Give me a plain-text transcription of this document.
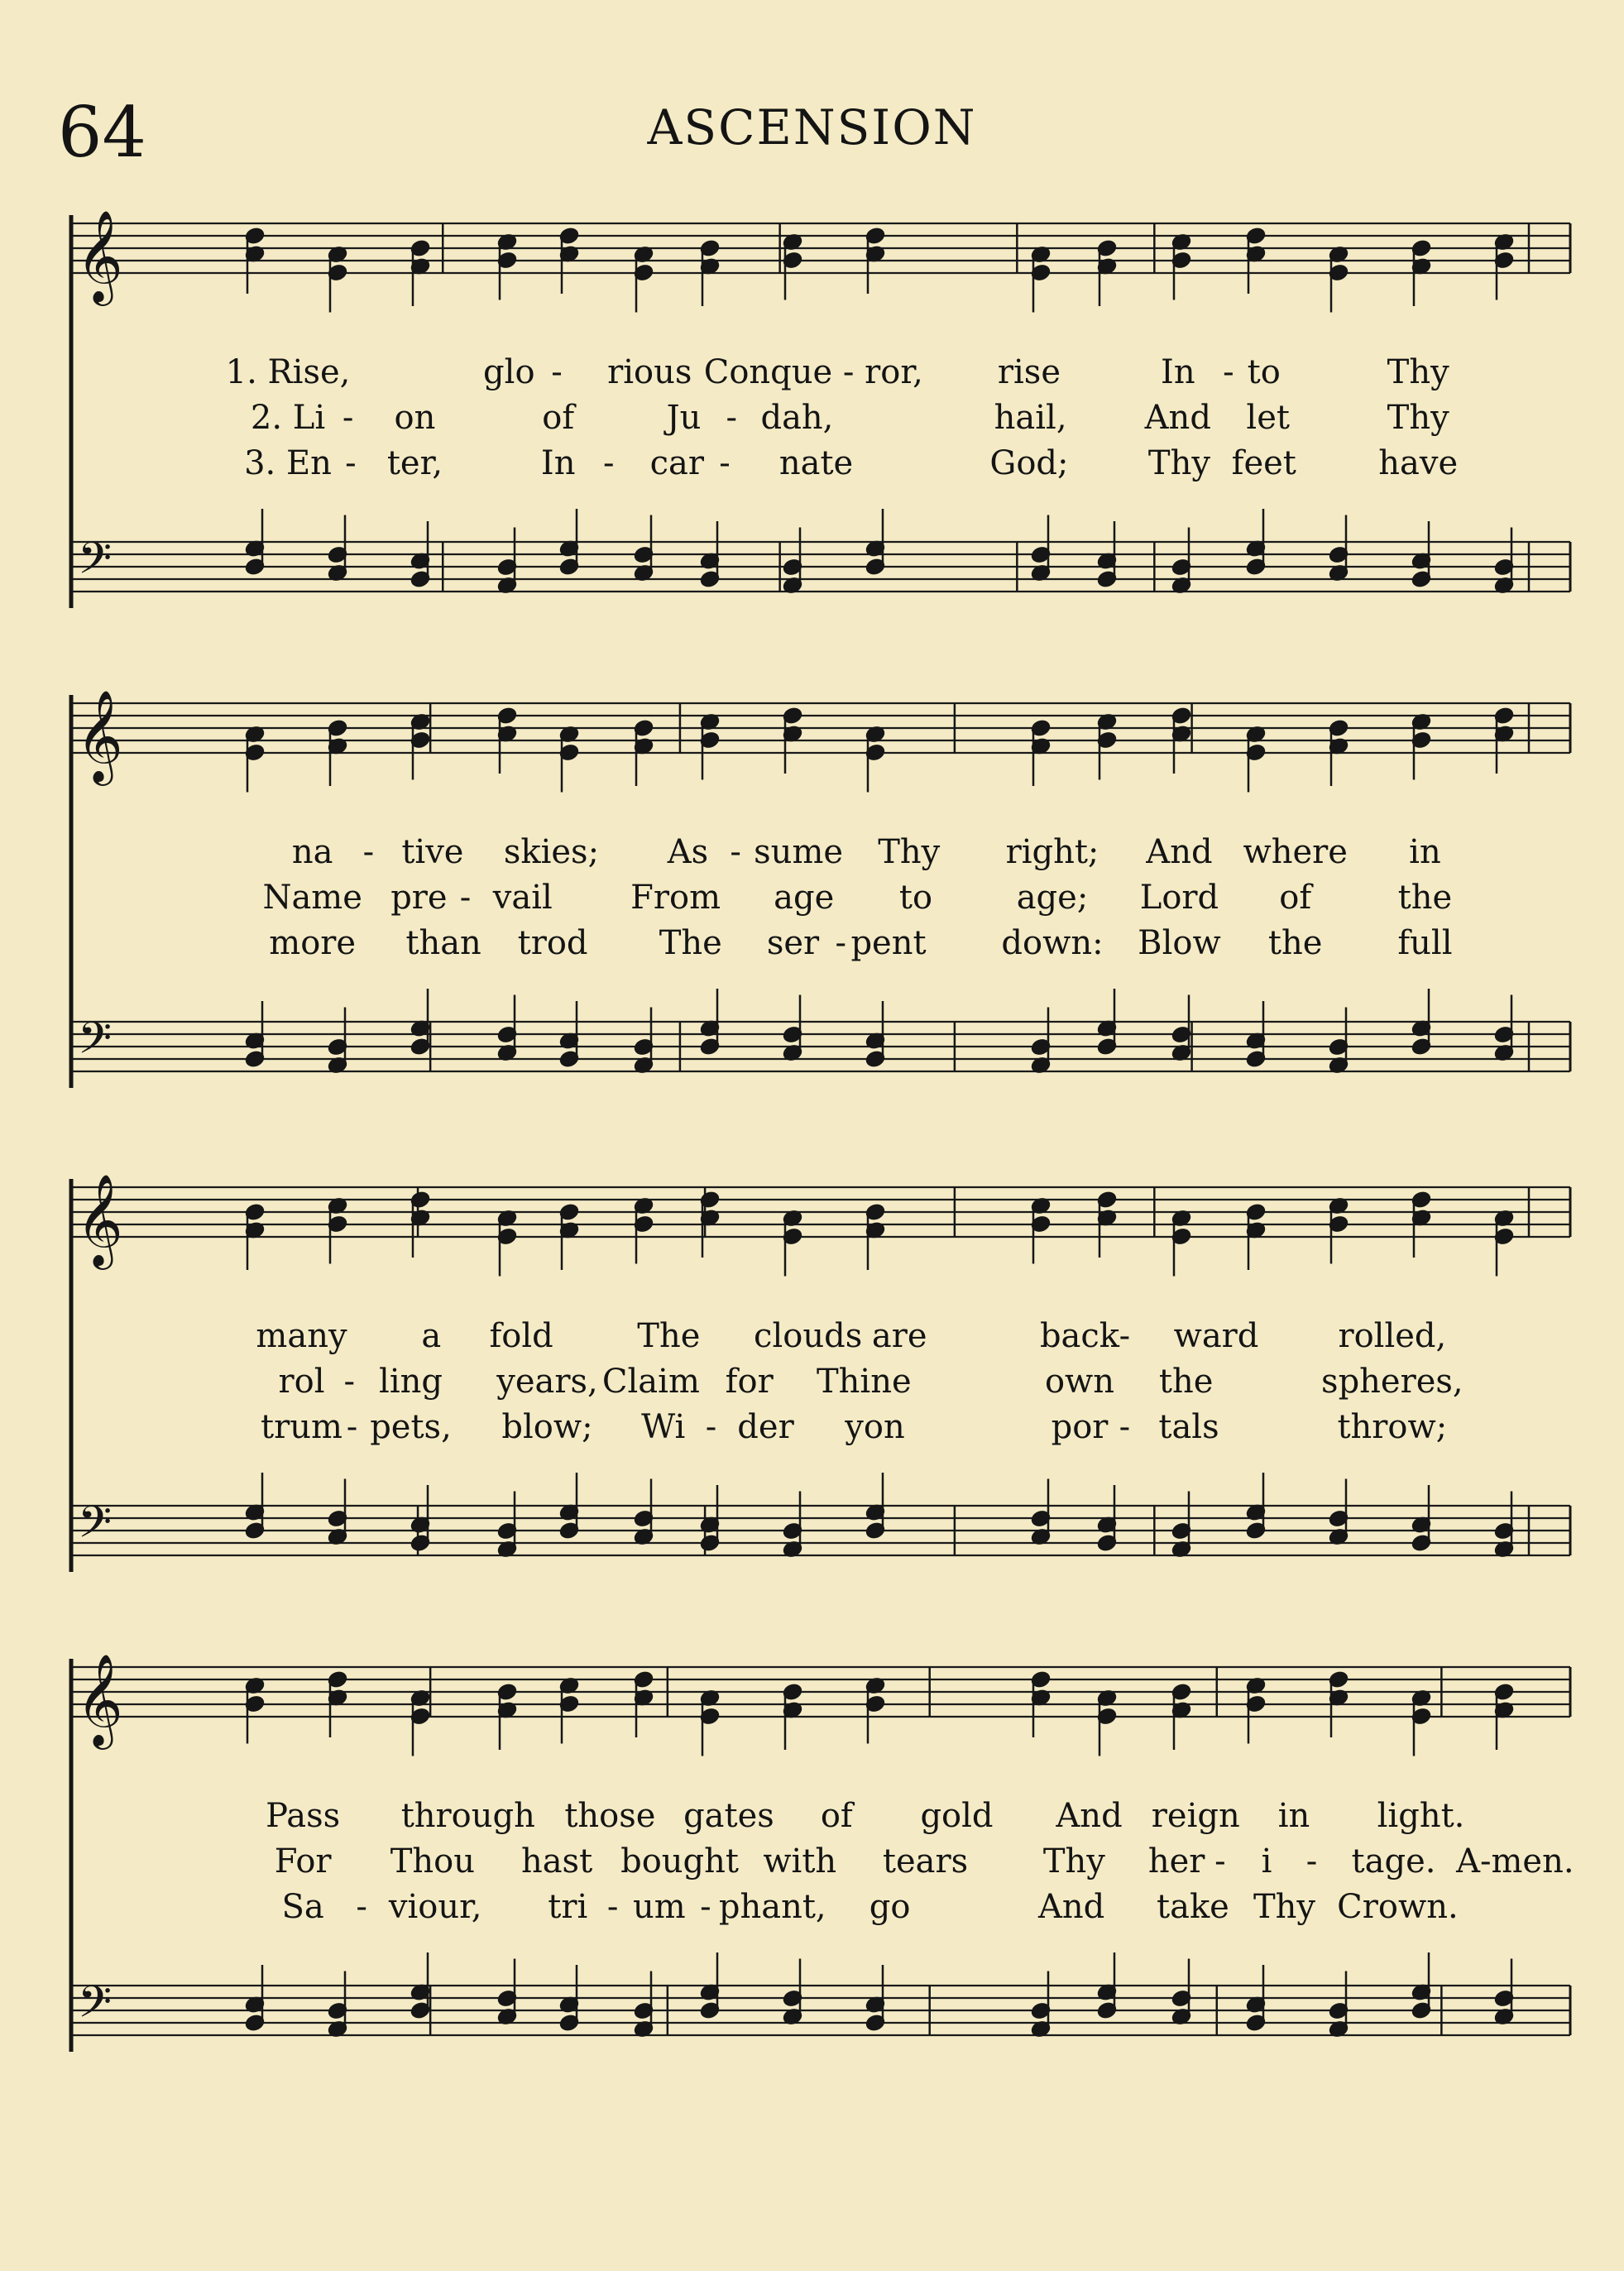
64	ASCENSION
𝄞
𝄢
1. Rise,	glo - rious Conque - ror, rise	In - to	Thy
2. Li - on	of	Ju - dah,	hail, And let	Thy
3. En - ter,	In - car - nate	God; Thy feet have
𝄞
𝄢
na - tive skies; As - sume Thy right; And where in
Name pre - vail From age to	age; Lord of	the
more than trod The ser - pent down: Blow the full
𝄞
𝄢
many a fold	The clouds are	back - ward rolled,
rol - ling years, Claim for Thine	own the	spheres,
trum - pets, blow; Wi - der yon	por - tals	throw;
𝄞
𝄢
Pass through those gates of gold And reign in light.
For Thou hast bought with tears Thy her - i - tage. A-men.
Sa - viour, tri - um - phant, go	And take Thy Crown.
